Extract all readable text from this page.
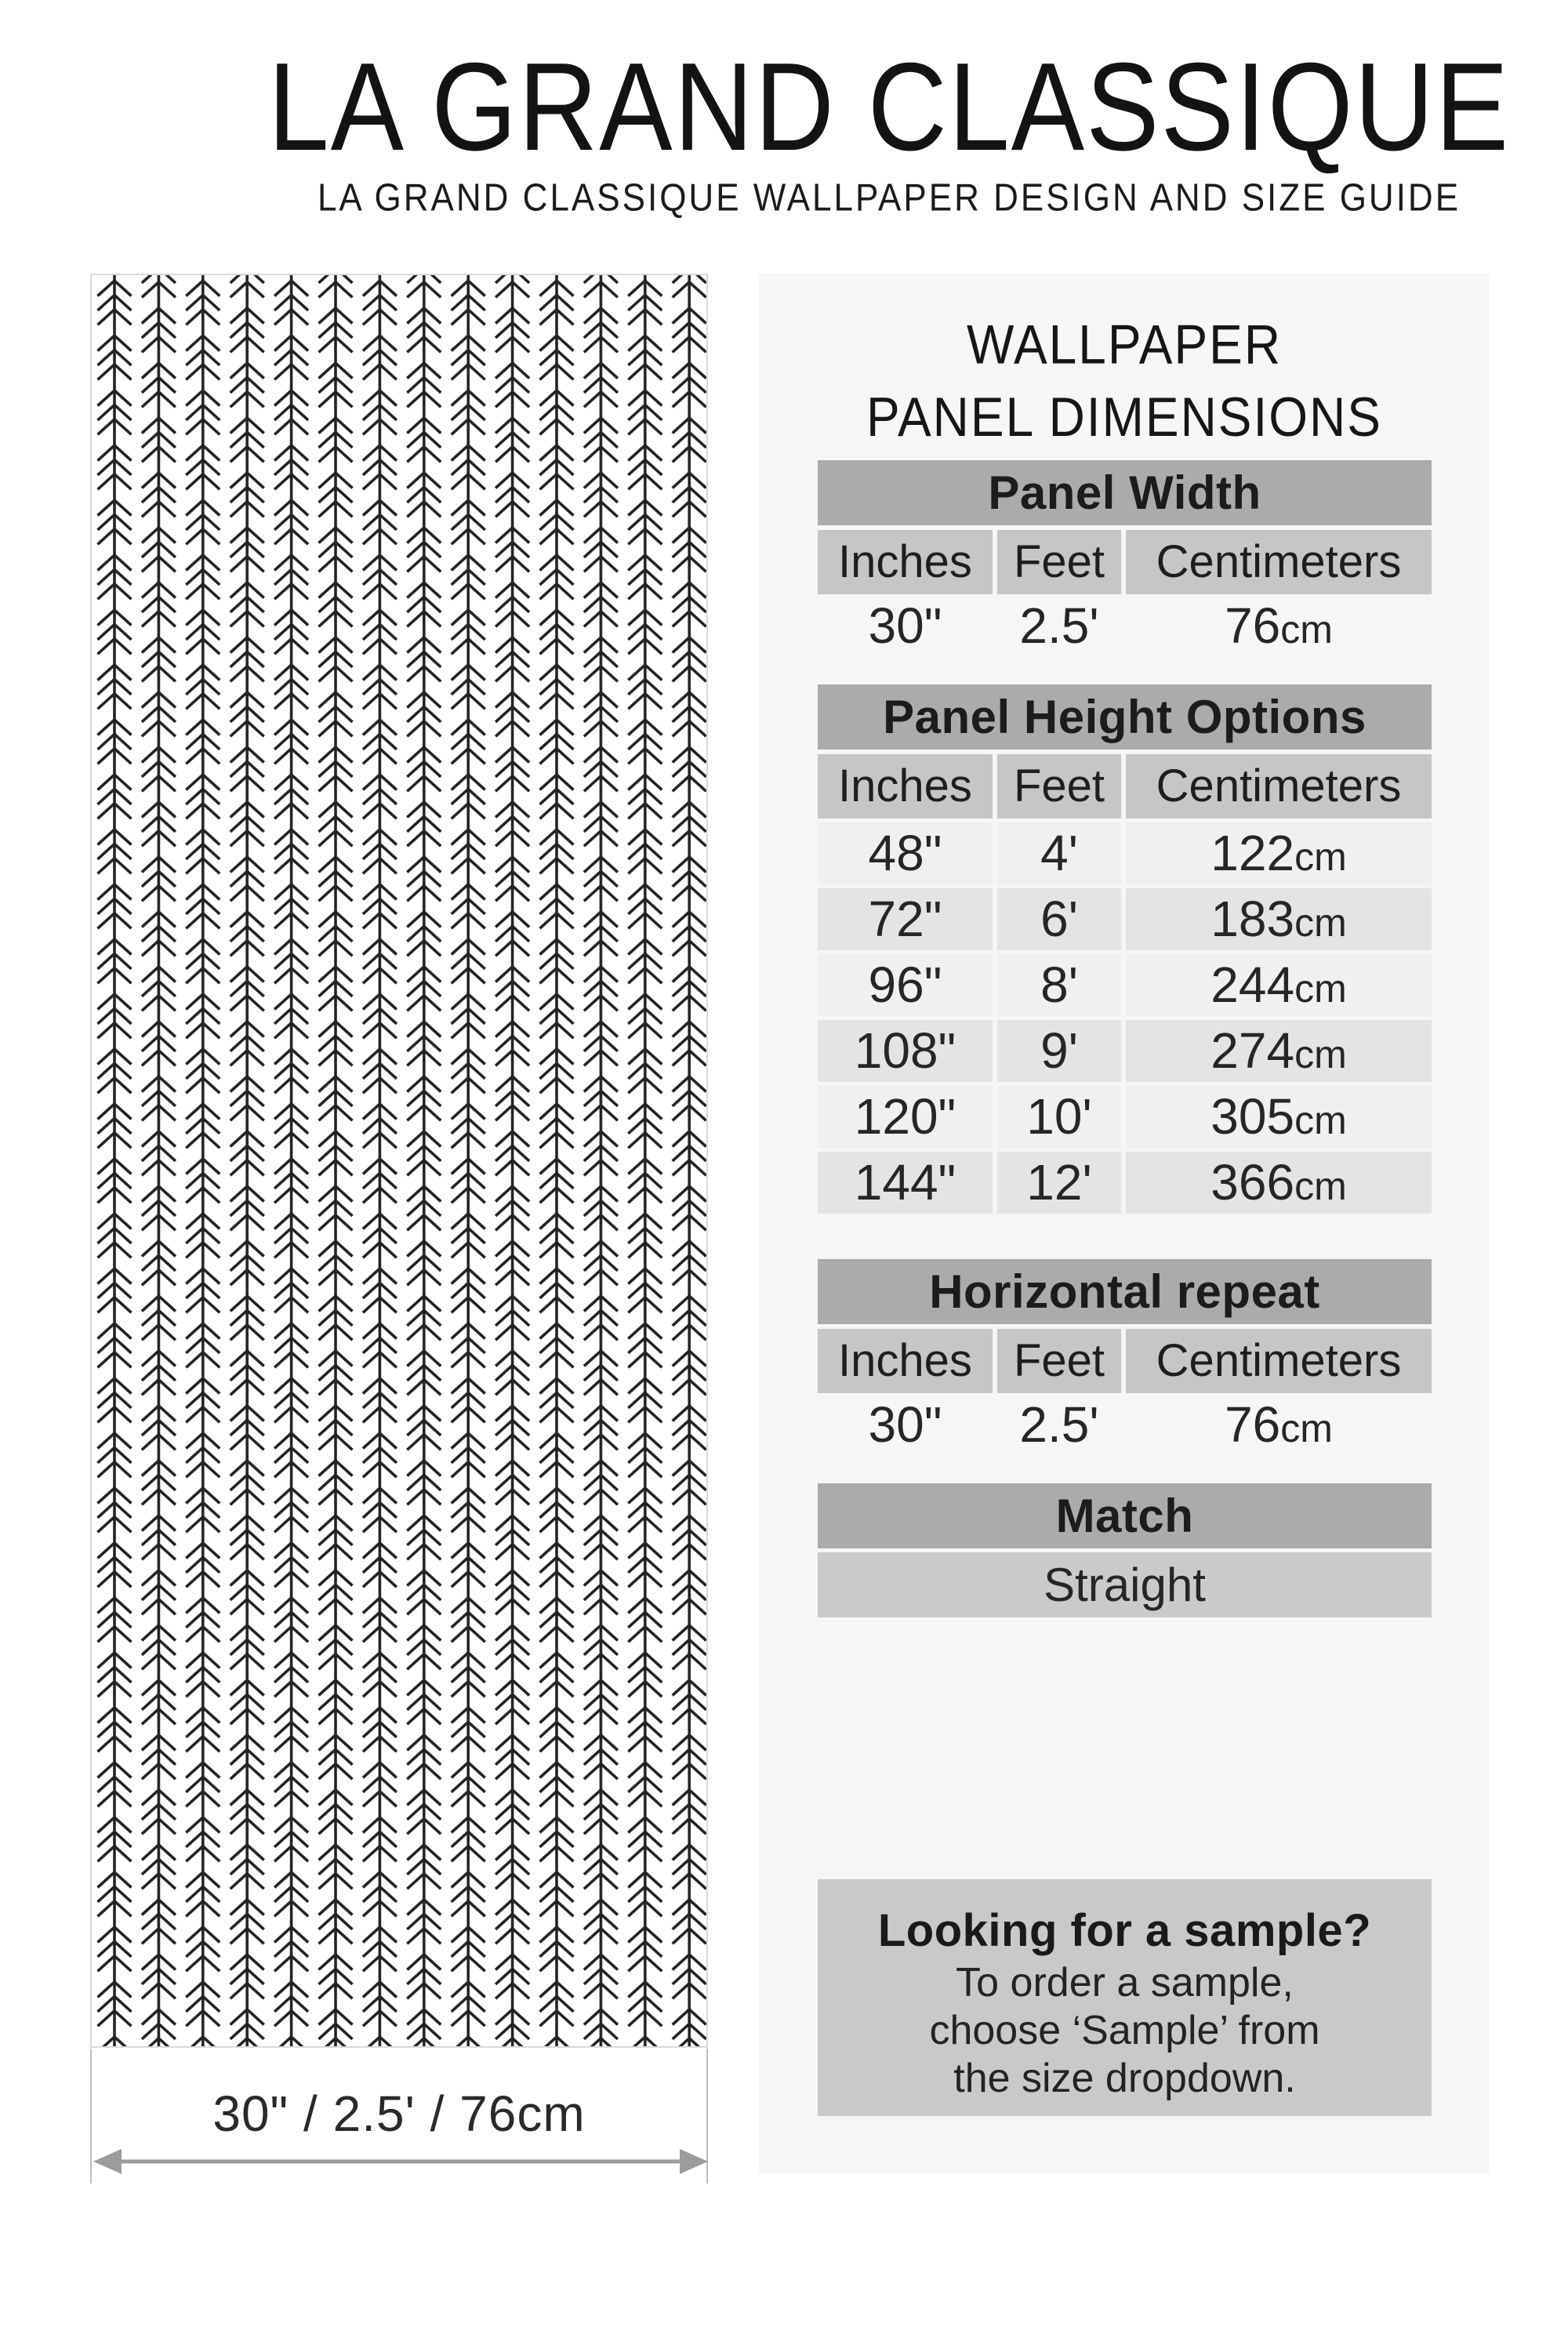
LA GRAND CLASSIQUE
LA GRAND CLASSIQUE WALLPAPER DESIGN AND SIZE GUIDE
30" / 2.5' / 76cm
WALLPAPER
PANEL DIMENSIONS
Panel Width
Inches Feet	Centimeters
30"	2.5'	76cm
Panel Height Options
Inches Feet	Centimeters
48"	4'	122cm
72"	6'	183cm
96"	8'	244cm
108"	9'	274cm
120"	10'	305cm
144"	12'	366cm
Horizontal repeat
Inches Feet	Centimeters
30"	2.5'	76cm
Match
Straight
Looking for a sample?
To order a sample,
choose ‘Sample’ from
the size dropdown.
